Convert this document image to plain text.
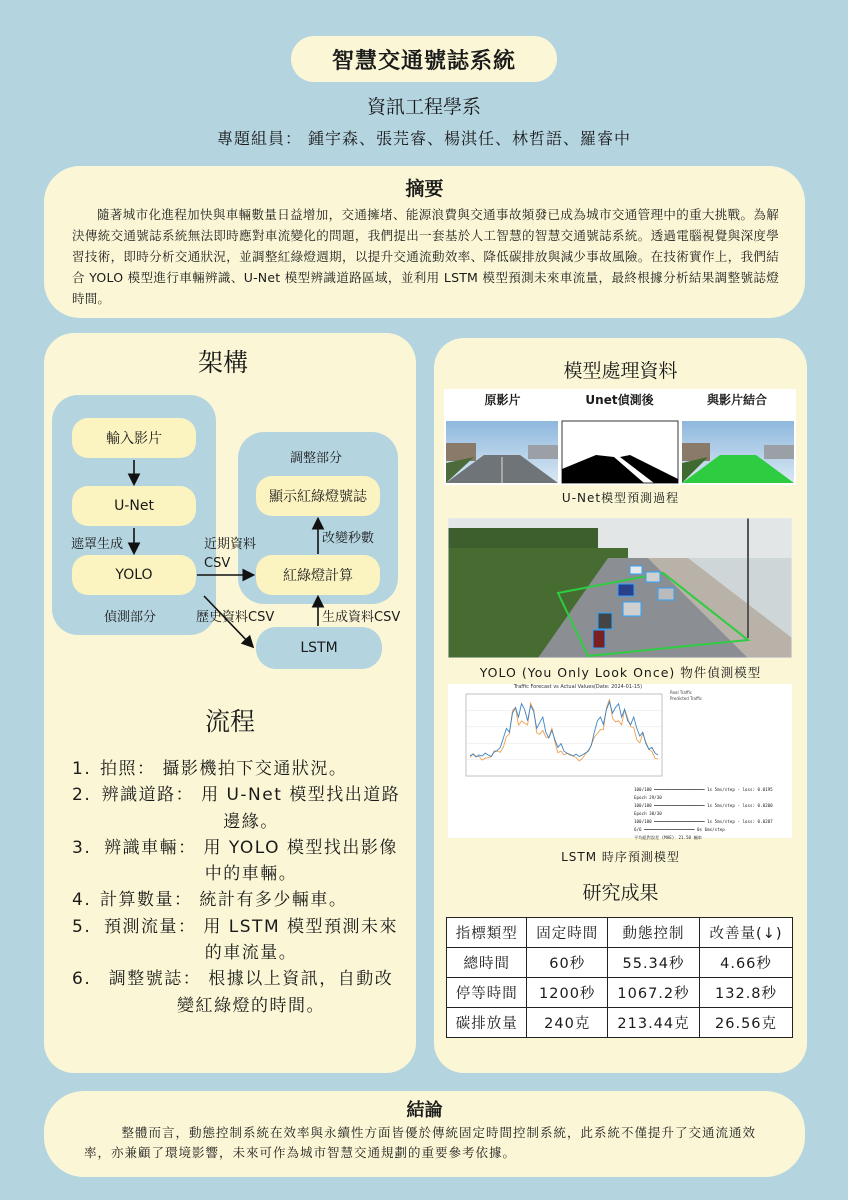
智慧交通號誌系統
資訊工程學系
專題組員： 鍾宇森、張芫睿、楊淇任、林哲語、羅睿中
摘要
隨著城市化進程加快與車輛數量日益增加，交通擁堵、能源浪費與交通事故頻發已成為城市交通管理中的重大挑戰。為解決傳統交通號誌系統無法即時應對車流變化的問題，我們提出一套基於人工智慧的智慧交通號誌系統。透過電腦視覺與深度學習技術，即時分析交通狀況，並調整紅綠燈週期，以提升交通流動效率、降低碳排放與減少事故風險。在技術實作上，我們結合 YOLO 模型進行車輛辨識、U-Net 模型辨識道路區域，並利用 LSTM 模型預測未來車流量，最終根據分析結果調整號誌燈時間。
架構
LSTM
輸入影片
U-Net
YOLO
顯示紅綠燈號誌
紅綠燈計算
調整部分
遮罩生成
偵測部分
近期資料CSV
改變秒數
歷史資料CSV	生成資料CSV
流程
1. 拍照： 攝影機拍下交通狀況。
2. 辨識道路： 用 U-Net 模型找出道路邊緣。
3. 辨識車輛： 用 YOLO 模型找出影像中的車輛。
4. 計算數量： 統計有多少輛車。
5. 預測流量： 用 LSTM 模型預測未來的車流量。
6.	調整號誌： 根據以上資訊，自動改變紅綠燈的時間。
模型處理資料
原影片	Unet偵測後	與影片結合
U-Net模型預測過程
YOLO (You Only Look Once) 物件偵測模型
Traffic Forecast vs Actual Values(Date: 2024-01-15)
Real Traffic
Predicted Traffic
100/100 ━━━━━━━━━━━━━━━━━━━━ 1s 5ms/step - loss: 0.0195
Epoch 29/30
100/100 ━━━━━━━━━━━━━━━━━━━━ 1s 5ms/step - loss: 0.0200
Epoch 30/30
100/100 ━━━━━━━━━━━━━━━━━━━━ 1s 5ms/step - loss: 0.0207
6/6 ━━━━━━━━━━━━━━━━━━━━ 0s 6ms/step
平均絕對誤差 (MAE)：21.50 輛車
LSTM 時序預測模型
研究成果
指標類型	固定時間	動態控制	改善量(↓)
總時間	60秒	55.34秒	4.66秒
停等時間	1200秒	1067.2秒	132.8秒
碳排放量	240克	213.44克	26.56克
結論
整體而言，動態控制系統在效率與永續性方面皆優於傳統固定時間控制系統，此系統不僅提升了交通流通效率，亦兼顧了環境影響，未來可作為城市智慧交通規劃的重要參考依據。
